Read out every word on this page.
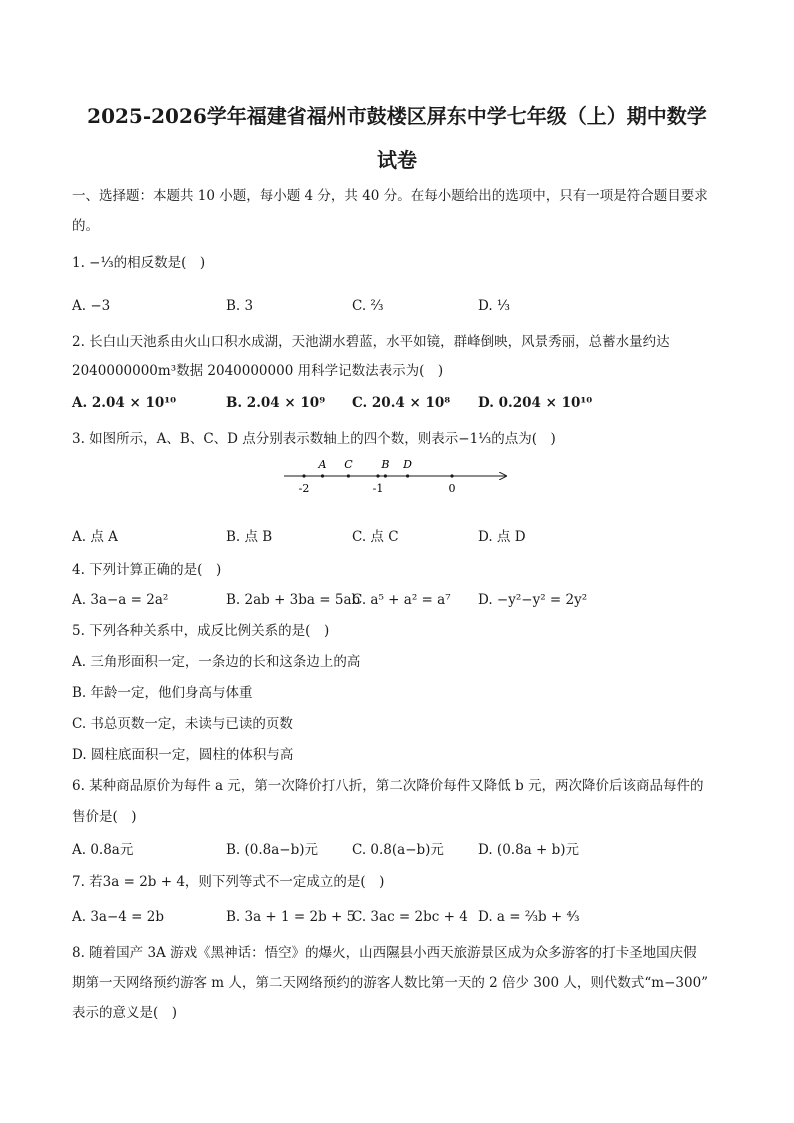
2025-2026学年福建省福州市鼓楼区屏东中学七年级（上）期中数学
试卷
一、选择题：本题共 10 小题，每小题 4 分，共 40 分。在每小题给出的选项中，只有一项是符合题目要求
的。
1. −⅓的相反数是(　)
A. −3	B. 3	C. ⅔	D. ⅓
2. 长白山天池系由火山口积水成湖，天池湖水碧蓝，水平如镜，群峰倒映，风景秀丽，总蓄水量约达
2040000000m³数据 2040000000 用科学记数法表示为(　)
A. 2.04 × 10¹⁰	B. 2.04 × 10⁹ C. 20.4 × 10⁸ D. 0.204 × 10¹⁰
3. 如图所示，A、B、C、D 点分别表示数轴上的四个数，则表示−1⅓的点为(　)
-2	-1	0
A C	B D
A. 点 A	B. 点 B	C. 点 C	D. 点 D
4. 下列计算正确的是(　)
A. 3a−a = 2a²	B. 2ab + 3ba = 5ab
C. a⁵ + a² = a⁷ D. −y²−y² = 2y²
5. 下列各种关系中，成反比例关系的是(　)
A. 三角形面积一定，一条边的长和这条边上的高
B. 年龄一定，他们身高与体重
C. 书总页数一定，未读与已读的页数
D. 圆柱底面积一定，圆柱的体积与高
6. 某种商品原价为每件 a 元，第一次降价打八折，第二次降价每件又降低 b 元，两次降价后该商品每件的
售价是(　)
A. 0.8a元	B. (0.8a−b)元	C. 0.8(a−b)元	D. (0.8a + b)元
7. 若3a = 2b + 4，则下列等式不一定成立的是(　)
A. 3a−4 = 2b	B. 3a + 1 = 2b + 5
C. 3ac = 2bc + 4 D. a = ⅔b + ⁴⁄₃
8. 随着国产 3A 游戏《黑神话：悟空》的爆火，山西隰县小西天旅游景区成为众多游客的打卡圣地国庆假
期第一天网络预约游客 m 人，第二天网络预约的游客人数比第一天的 2 倍少 300 人，则代数式“m−300”
表示的意义是(　)
